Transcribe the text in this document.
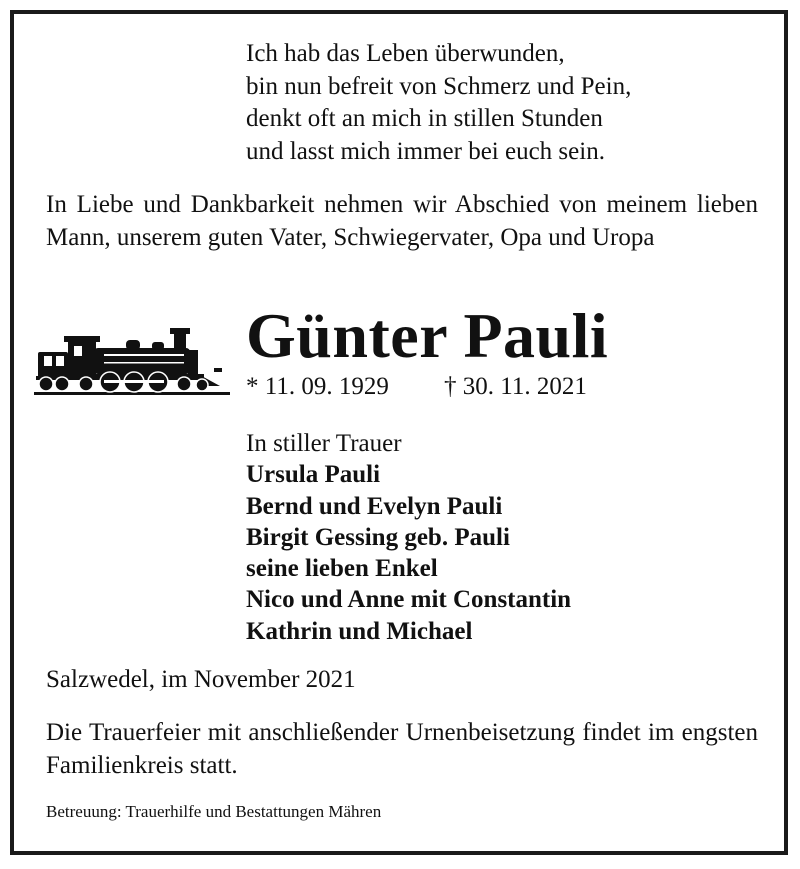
Ich hab das Leben überwunden,
bin nun befreit von Schmerz und Pein,
denkt oft an mich in stillen Stunden
und lasst mich immer bei euch sein.
In Liebe und Dankbarkeit nehmen wir Abschied von meinem lieben Mann, unserem guten Vater, Schwiegervater, Opa und Uropa
Günter Pauli
* 11. 09. 1929 † 30. 11. 2021
In stiller Trauer
Ursula Pauli
Bernd und Evelyn Pauli
Birgit Gessing geb. Pauli
seine lieben Enkel
Nico und Anne mit Constantin
Kathrin und Michael
Salzwedel, im November 2021
Die Trauerfeier mit anschließender Urnenbeisetzung findet im engsten Familienkreis statt.
Betreuung: Trauerhilfe und Bestattungen Mähren
